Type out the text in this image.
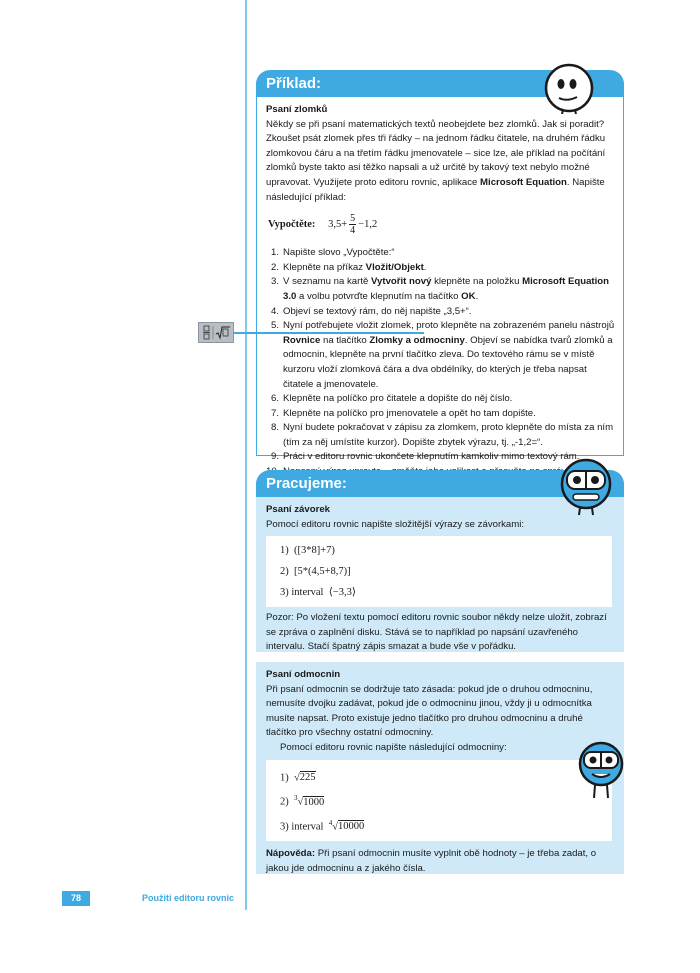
Příklad:
Psaní zlomků

Někdy se při psaní matematických textů neobejdete bez zlomků. Jak si poradit? Zkoušet psát zlomek přes tři řádky – na jednom řádku čitatele, na druhém řádku zlomkovou čáru a na třetím řádku jmenovatele – sice lze, ale příklad na počítání zlomků byste takto asi těžko napsali a už určitě by takový text nebylo možné upravovat. Využijete proto editoru rovnic, aplikace Microsoft Equation. Napište následující příklad:

Vypočtěte: $3,5+ \frac{5}{4} -1,2$
1. Napište slovo „Vypočtěte:“
2. Klepněte na příkaz Vložit/Objekt.
3. V seznamu na kartě Vytvořit nový klepněte na položku Microsoft Equation 3.0 a volbu potvrďte klepnutím na tlačítko OK.
4. Objeví se textový rám, do něj napište „3,5+“.
5. Nyní potřebujete vložit zlomek, proto klepněte na zobrazeném panelu nástrojů Rovnice na tlačítko Zlomky a odmocniny. Objeví se nabídka tvarů zlomků a odmocnin, klepněte na první tlačítko zleva. Do textového rámu se v místě kurzoru vloží zlomková čára a dva obdélníky, do kterých je třeba napsat čitatele a jmenovatele.
6. Klepněte na políčko pro čitatele a dopište do něj číslo.
7. Klepněte na políčko pro jmenovatele a opět ho tam dopište.
8. Nyní budete pokračovat v zápisu za zlomkem, proto klepněte do místa za ním (tím za něj umístíte kurzor). Dopište zbytek výrazu, tj. „-1,2=“.
9. Práci v editoru rovnic ukončete klepnutím kamkoliv mimo textový rám.
Pracujeme:
Psaní závorek

Pomocí editoru rovnic napište složitější výrazy se závorkami:

1) ([3*8]+7)
2) [5*(4,5+8,7)]
3) interval ⟨−3,3⟩

Pozor: Po vložení textu pomocí editoru rovnic soubor někdy nelze uložit, zobrazí se zpráva o zaplnění disku. Stává se to například po napsání uzavřeného intervalu. Stačí špatný zápis smazat a bude vše v pořádku.

Psaní odmocnin

Při psaní odmocnin se dodržuje tato zásada: pokud jde o druhou odmocninu, nemusíte dvojku zadávat, pokud jde o odmocninu jinou, vždy ji u odmocnítka musíte napsat. Proto existuje jedno tlačítko pro druhou odmocninu a druhé tlačítko pro všechny ostatní odmocniny.

Pomocí editoru rovnic napište následující odmocniny:

1) √225
2) $^3$√1000
3) interval $^4$√10000

Nápověda: Při psaní odmocnin musíte vyplnit obě hodnoty – je třeba zadat, o jakou jde odmocninu a z jakého čísla.

78	Použití editoru rovnic
